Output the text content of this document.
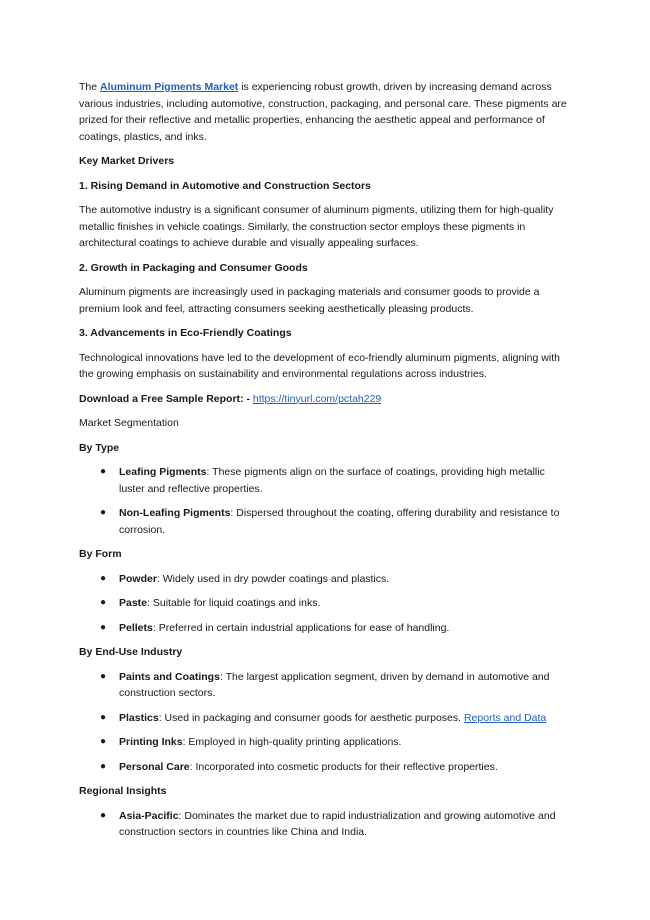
The Aluminum Pigments Market is experiencing robust growth, driven by increasing demand across various industries, including automotive, construction, packaging, and personal care. These pigments are prized for their reflective and metallic properties, enhancing the aesthetic appeal and performance of coatings, plastics, and inks.

Key Market Drivers

1. Rising Demand in Automotive and Construction Sectors

The automotive industry is a significant consumer of aluminum pigments, utilizing them for high-quality metallic finishes in vehicle coatings. Similarly, the construction sector employs these pigments in architectural coatings to achieve durable and visually appealing surfaces.

2. Growth in Packaging and Consumer Goods

Aluminum pigments are increasingly used in packaging materials and consumer goods to provide a premium look and feel, attracting consumers seeking aesthetically pleasing products.

3. Advancements in Eco-Friendly Coatings

Technological innovations have led to the development of eco-friendly aluminum pigments, aligning with the growing emphasis on sustainability and environmental regulations across industries.

Download a Free Sample Report: - https://tinyurl.com/pctah229

Market Segmentation

By Type

● Leafing Pigments: These pigments align on the surface of coatings, providing high metallic luster and reflective properties.
● Non-Leafing Pigments: Dispersed throughout the coating, offering durability and resistance to corrosion.

By Form

● Powder: Widely used in dry powder coatings and plastics.
● Paste: Suitable for liquid coatings and inks.
● Pellets: Preferred in certain industrial applications for ease of handling.

By End-Use Industry

● Paints and Coatings: The largest application segment, driven by demand in automotive and construction sectors.
● Plastics: Used in packaging and consumer goods for aesthetic purposes. Reports and Data
● Printing Inks: Employed in high-quality printing applications.
● Personal Care: Incorporated into cosmetic products for their reflective properties.

Regional Insights

● Asia-Pacific: Dominates the market due to rapid industrialization and growing automotive and construction sectors in countries like China and India.
